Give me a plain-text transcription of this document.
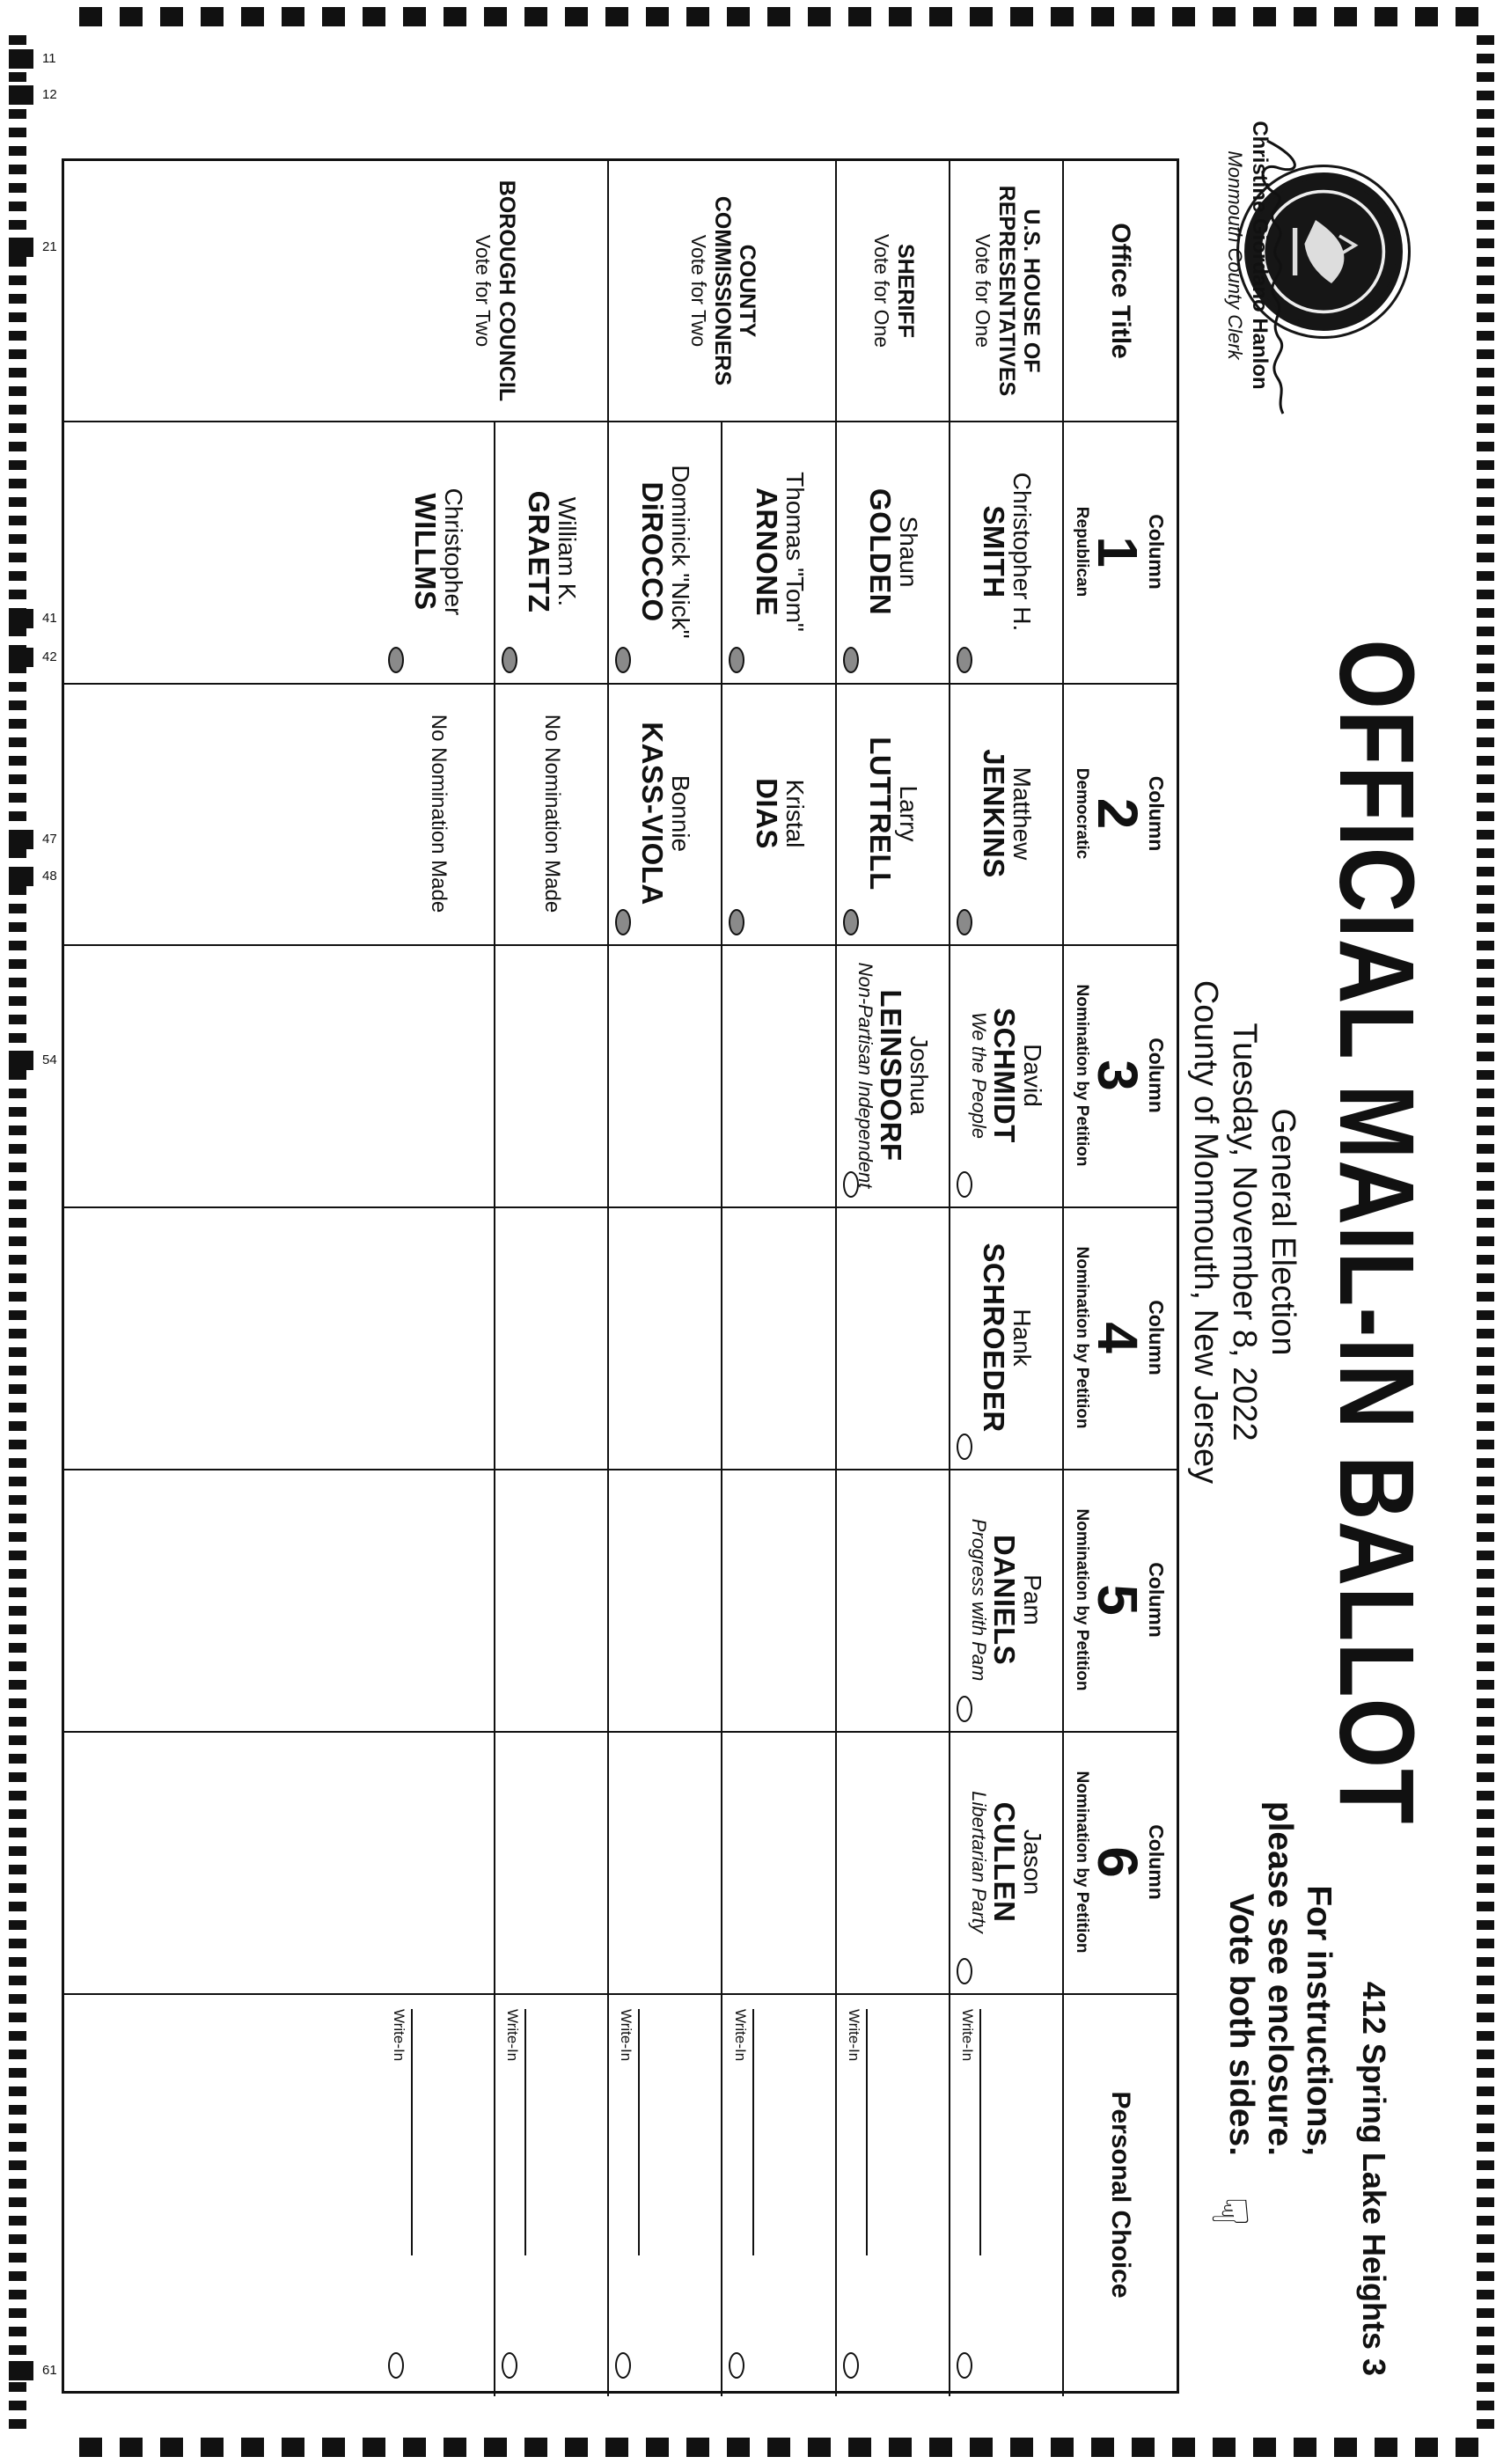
11
12
21
41
42
47
48
54
61
Christine Giordano Hanlon
Monmouth County Clerk
OFFICIAL MAIL-IN BALLOT
General Election
Tuesday, November 8, 2022
County of Monmouth, New Jersey
412 Spring Lake Heights 3
For instructions,
please see enclosure.
Vote both sides.
☟
Office Title
Column
1
Republican
Column
2
Democratic
Column
3
Nomination by Petition
Column
4
Nomination by Petition
Column
5
Nomination by Petition
Column
6
Nomination by Petition
Personal Choice
U.S. HOUSE OF REPRESENTATIVES
Vote for One
SHERIFF
Vote for One
COUNTY COMMISSIONERS
Vote for Two
BOROUGH COUNCIL
Vote for Two
Christopher H.
SMITH
Matthew
JENKINS
David
SCHMIDT
We the People
Hank
SCHROEDER
Pam
DANIELS
Progress with Pam
Jason
CULLEN
Libertarian Party
Shaun
GOLDEN
Larry
LUTTRELL
Joshua
LEINSDORF
Non-Partisan Independent
Thomas "Tom"
ARNONE
Kristal
DIAS
Dominick "Nick"
DiROCCO
Bonnie
KASS-VIOLA
William K.
GRAETZ
No Nomination Made
Christopher
WILLMS
No Nomination Made
Write-In
Write-In
Write-In
Write-In
Write-In
Write-In
